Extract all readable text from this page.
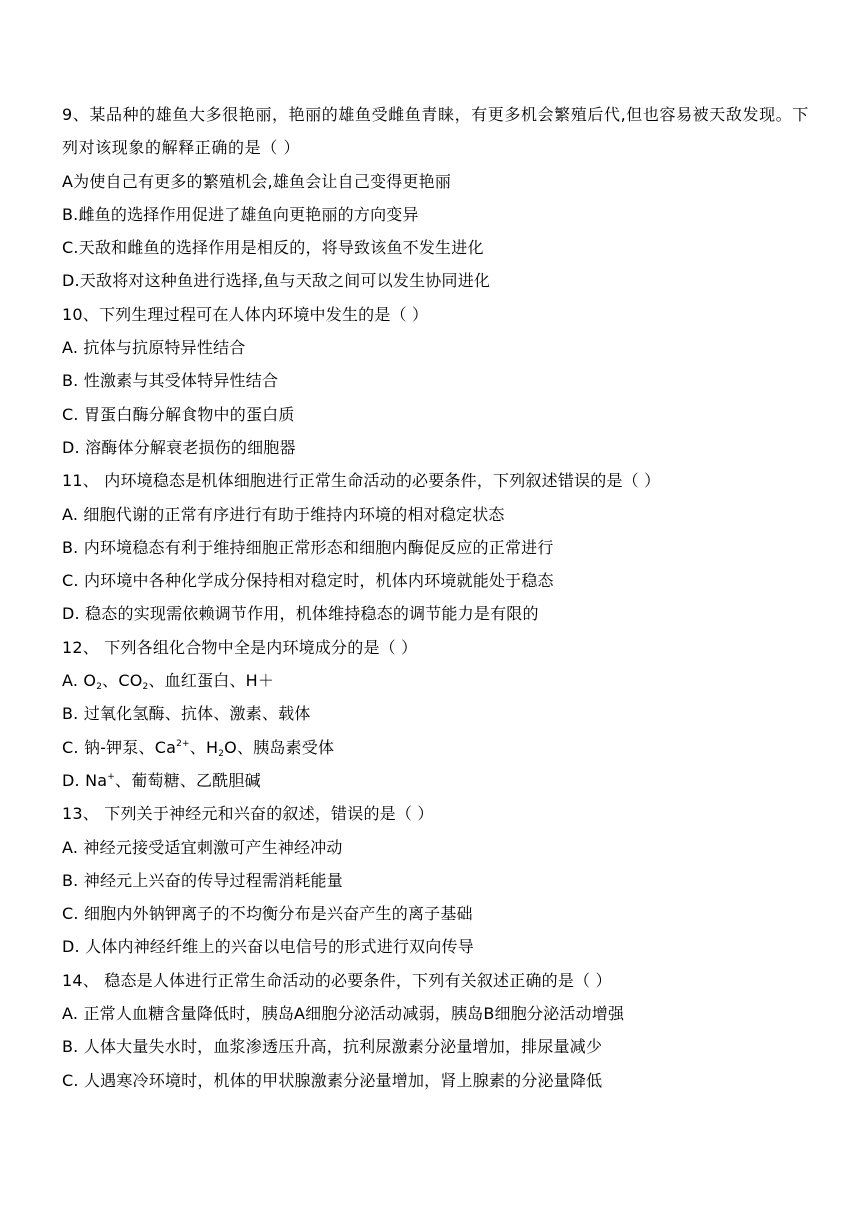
9、某品种的雄鱼大多很艳丽，艳丽的雄鱼受雌鱼青睐，有更多机会繁殖后代,但也容易被天敌发现。下列对该现象的解释正确的是（ ）
A为使自己有更多的繁殖机会,雄鱼会让自己变得更艳丽
B.雌鱼的选择作用促进了雄鱼向更艳丽的方向变异
C.天敌和雌鱼的选择作用是相反的，将导致该鱼不发生进化
D.天敌将对这种鱼进行选择,鱼与天敌之间可以发生协同进化
10、下列生理过程可在人体内环境中发生的是（ ）
A. 抗体与抗原特异性结合
B. 性激素与其受体特异性结合
C. 胃蛋白酶分解食物中的蛋白质
D. 溶酶体分解衰老损伤的细胞器
11、 内环境稳态是机体细胞进行正常生命活动的必要条件，下列叙述错误的是（ ）
A. 细胞代谢的正常有序进行有助于维持内环境的相对稳定状态
B. 内环境稳态有利于维持细胞正常形态和细胞内酶促反应的正常进行
C. 内环境中各种化学成分保持相对稳定时，机体内环境就能处于稳态
D. 稳态的实现需依赖调节作用，机体维持稳态的调节能力是有限的
12、 下列各组化合物中全是内环境成分的是（ ）
A. $O_2$、$CO_2$、血红蛋白、H＋
B. 过氧化氢酶、抗体、激素、载体
C. 钠-钾泵、$Ca^{2+}$、$H_2O$、胰岛素受体
D. Na+、葡萄糖、乙酰胆碱
13、 下列关于神经元和兴奋的叙述，错误的是（ ）
A. 神经元接受适宜刺激可产生神经冲动
B. 神经元上兴奋的传导过程需消耗能量
C. 细胞内外钠钾离子的不均衡分布是兴奋产生的离子基础
D. 人体内神经纤维上的兴奋以电信号的形式进行双向传导
14、 稳态是人体进行正常生命活动的必要条件，下列有关叙述正确的是（ ）
A. 正常人血糖含量降低时，胰岛A细胞分泌活动减弱，胰岛B细胞分泌活动增强
B. 人体大量失水时，血浆渗透压升高，抗利尿激素分泌量增加，排尿量减少
C. 人遇寒冷环境时，机体的甲状腺激素分泌量增加，肾上腺素的分泌量降低
